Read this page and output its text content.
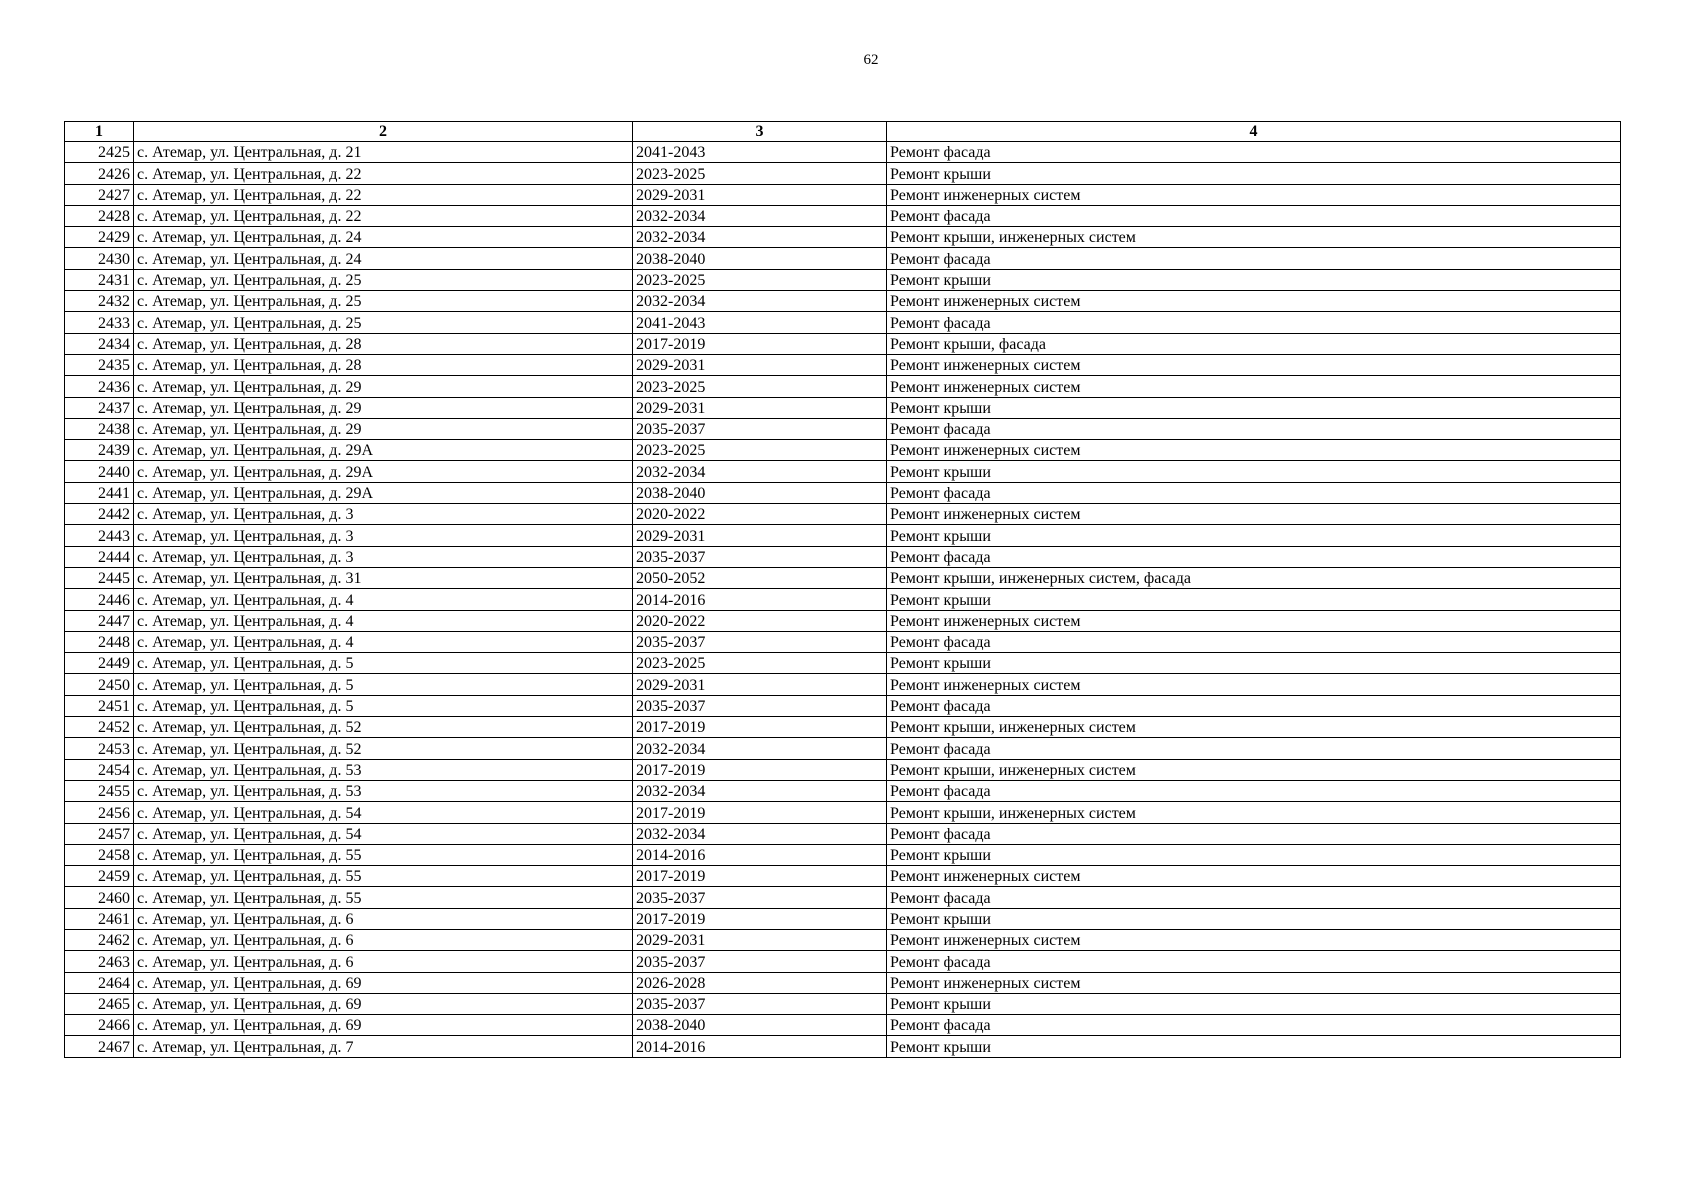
62
1	2	3	4
2425	с. Атемар, ул. Центральная, д. 21	2041-2043	Ремонт фасада
2426	с. Атемар, ул. Центральная, д. 22	2023-2025	Ремонт крыши
2427	с. Атемар, ул. Центральная, д. 22	2029-2031	Ремонт инженерных систем
2428	с. Атемар, ул. Центральная, д. 22	2032-2034	Ремонт фасада
2429	с. Атемар, ул. Центральная, д. 24	2032-2034	Ремонт крыши, инженерных систем
2430	с. Атемар, ул. Центральная, д. 24	2038-2040	Ремонт фасада
2431	с. Атемар, ул. Центральная, д. 25	2023-2025	Ремонт крыши
2432	с. Атемар, ул. Центральная, д. 25	2032-2034	Ремонт инженерных систем
2433	с. Атемар, ул. Центральная, д. 25	2041-2043	Ремонт фасада
2434	с. Атемар, ул. Центральная, д. 28	2017-2019	Ремонт крыши, фасада
2435	с. Атемар, ул. Центральная, д. 28	2029-2031	Ремонт инженерных систем
2436	с. Атемар, ул. Центральная, д. 29	2023-2025	Ремонт инженерных систем
2437	с. Атемар, ул. Центральная, д. 29	2029-2031	Ремонт крыши
2438	с. Атемар, ул. Центральная, д. 29	2035-2037	Ремонт фасада
2439	с. Атемар, ул. Центральная, д. 29А	2023-2025	Ремонт инженерных систем
2440	с. Атемар, ул. Центральная, д. 29А	2032-2034	Ремонт крыши
2441	с. Атемар, ул. Центральная, д. 29А	2038-2040	Ремонт фасада
2442	с. Атемар, ул. Центральная, д. 3	2020-2022	Ремонт инженерных систем
2443	с. Атемар, ул. Центральная, д. 3	2029-2031	Ремонт крыши
2444	с. Атемар, ул. Центральная, д. 3	2035-2037	Ремонт фасада
2445	с. Атемар, ул. Центральная, д. 31	2050-2052	Ремонт крыши, инженерных систем, фасада
2446	с. Атемар, ул. Центральная, д. 4	2014-2016	Ремонт крыши
2447	с. Атемар, ул. Центральная, д. 4	2020-2022	Ремонт инженерных систем
2448	с. Атемар, ул. Центральная, д. 4	2035-2037	Ремонт фасада
2449	с. Атемар, ул. Центральная, д. 5	2023-2025	Ремонт крыши
2450	с. Атемар, ул. Центральная, д. 5	2029-2031	Ремонт инженерных систем
2451	с. Атемар, ул. Центральная, д. 5	2035-2037	Ремонт фасада
2452	с. Атемар, ул. Центральная, д. 52	2017-2019	Ремонт крыши, инженерных систем
2453	с. Атемар, ул. Центральная, д. 52	2032-2034	Ремонт фасада
2454	с. Атемар, ул. Центральная, д. 53	2017-2019	Ремонт крыши, инженерных систем
2455	с. Атемар, ул. Центральная, д. 53	2032-2034	Ремонт фасада
2456	с. Атемар, ул. Центральная, д. 54	2017-2019	Ремонт крыши, инженерных систем
2457	с. Атемар, ул. Центральная, д. 54	2032-2034	Ремонт фасада
2458	с. Атемар, ул. Центральная, д. 55	2014-2016	Ремонт крыши
2459	с. Атемар, ул. Центральная, д. 55	2017-2019	Ремонт инженерных систем
2460	с. Атемар, ул. Центральная, д. 55	2035-2037	Ремонт фасада
2461	с. Атемар, ул. Центральная, д. 6	2017-2019	Ремонт крыши
2462	с. Атемар, ул. Центральная, д. 6	2029-2031	Ремонт инженерных систем
2463	с. Атемар, ул. Центральная, д. 6	2035-2037	Ремонт фасада
2464	с. Атемар, ул. Центральная, д. 69	2026-2028	Ремонт инженерных систем
2465	с. Атемар, ул. Центральная, д. 69	2035-2037	Ремонт крыши
2466	с. Атемар, ул. Центральная, д. 69	2038-2040	Ремонт фасада
2467	с. Атемар, ул. Центральная, д. 7	2014-2016	Ремонт крыши
